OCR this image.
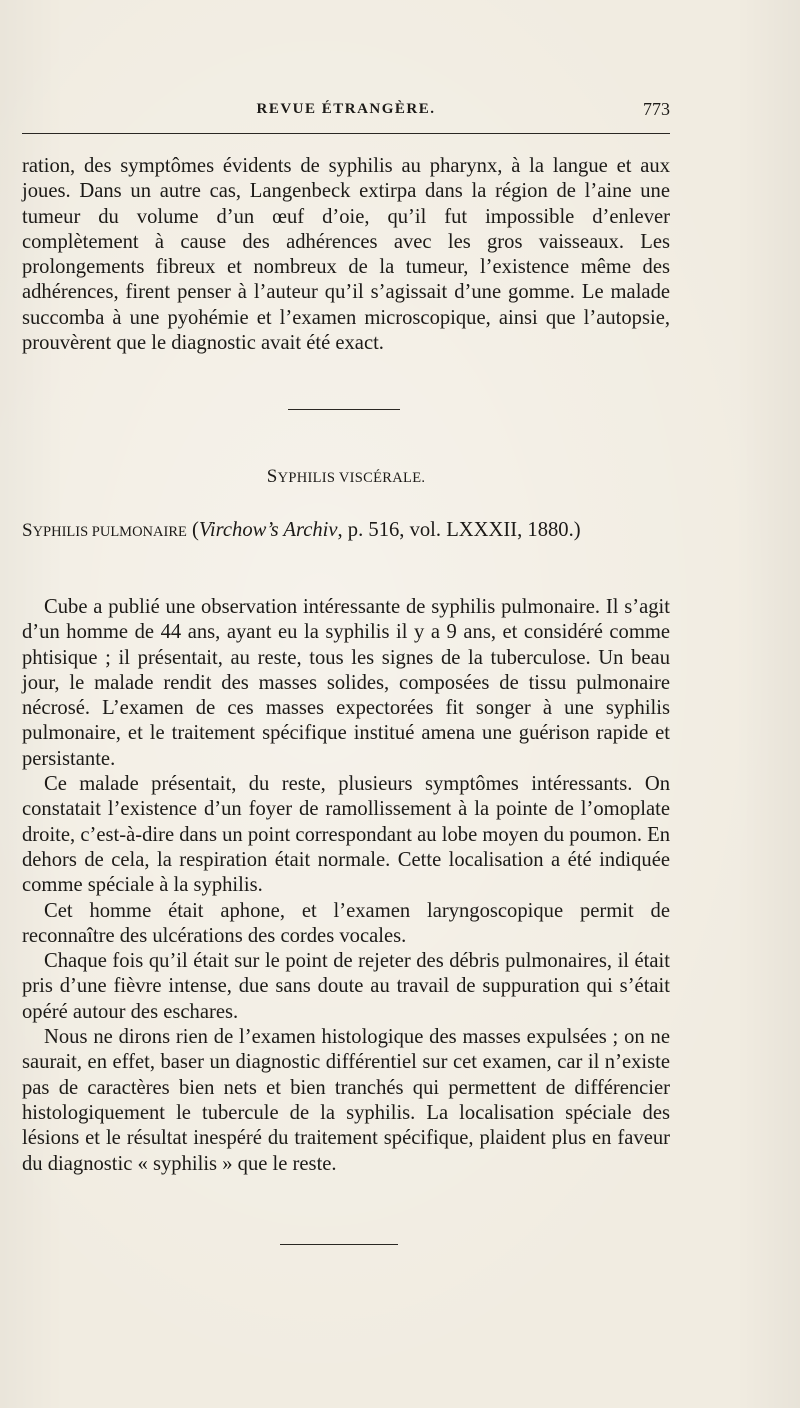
REVUE ÉTRANGÈRE.	773

ration, des symptômes évidents de syphilis au pharynx, à la langue et aux joues. Dans un autre cas, Langenbeck extirpa dans la région de l’aine une tumeur du volume d’un œuf d’oie, qu’il fut impossible d’enlever complètement à cause des adhérences avec les gros vaisseaux. Les prolongements fibreux et nombreux de la tumeur, l’existence même des adhérences, firent penser à l’auteur qu’il s’agissait d’une gomme. Le malade succomba à une pyohémie et l’examen microscopique, ainsi que l’autopsie, prouvèrent que le diagnostic avait été exact.

SYPHILIS VISCÉRALE.
SYPHILIS PULMONAIRE (Virchow’s Archiv, p. 516, vol. LXXXII, 1880.)

Cube a publié une observation intéressante de syphilis pulmonaire. Il s’agit d’un homme de 44 ans, ayant eu la syphilis il y a 9 ans, et considéré comme phtisique ; il présentait, au reste, tous les signes de la tuberculose. Un beau jour, le malade rendit des masses solides, composées de tissu pulmonaire nécrosé. L’examen de ces masses expectorées fit songer à une syphilis pulmonaire, et le traitement spécifique institué amena une guérison rapide et persistante.

Ce malade présentait, du reste, plusieurs symptômes intéressants. On constatait l’existence d’un foyer de ramollissement à la pointe de l’omoplate droite, c’est-à-dire dans un point correspondant au lobe moyen du poumon. En dehors de cela, la respiration était normale. Cette localisation a été indiquée comme spéciale à la syphilis.

Cet homme était aphone, et l’examen laryngoscopique permit de reconnaître des ulcérations des cordes vocales.

Chaque fois qu’il était sur le point de rejeter des débris pulmonaires, il était pris d’une fièvre intense, due sans doute au travail de suppuration qui s’était opéré autour des eschares.

Nous ne dirons rien de l’examen histologique des masses expulsées ; on ne saurait, en effet, baser un diagnostic différentiel sur cet examen, car il n’existe pas de caractères bien nets et bien tranchés qui permettent de différencier histologiquement le tubercule de la syphilis. La localisation spéciale des lésions et le résultat inespéré du traitement spécifique, plaident plus en faveur du diagnostic « syphilis » que le reste.
